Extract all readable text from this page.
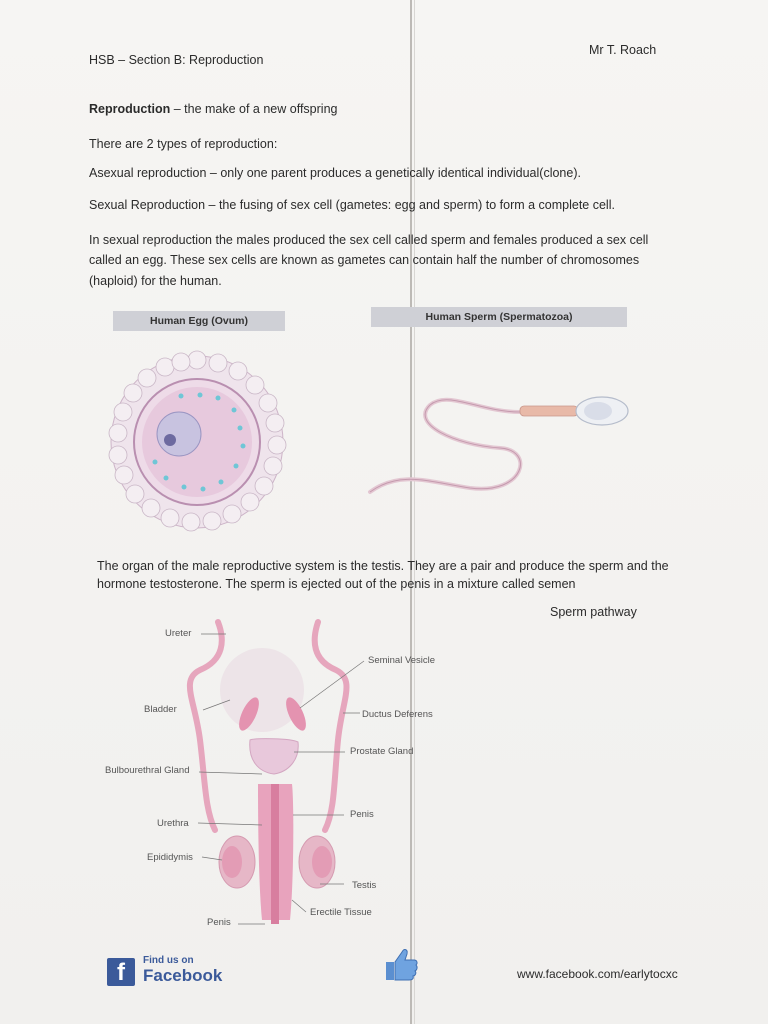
HSB – Section B: Reproduction
Mr T. Roach
Reproduction – the make of a new offspring
There are 2 types of reproduction:
Asexual reproduction – only one parent produces a genetically identical individual(clone).
Sexual Reproduction – the fusing of sex cell (gametes: egg and sperm) to form a complete cell.
In sexual reproduction the males produced the sex cell called sperm and females produced a sex cell
called an egg. These sex cells are known as gametes can contain half the number of chromosomes
(haploid) for the human.
Human Egg (Ovum)	Human Sperm (Spermatozoa)
Ureter
Bladder
Bulbourethral Gland
Urethra
Epididymis
Penis
Seminal Vesicle
Ductus Deferens
Prostate Gland
Penis
Testis
Erectile Tissue
The organ of the male reproductive system is the testis. They are a pair and produce the sperm and the
hormone testosterone. The sperm is ejected out of the penis in a mixture called semen
Sperm pathway
f	Find us on
Facebook	www.facebook.com/earlytocxc
